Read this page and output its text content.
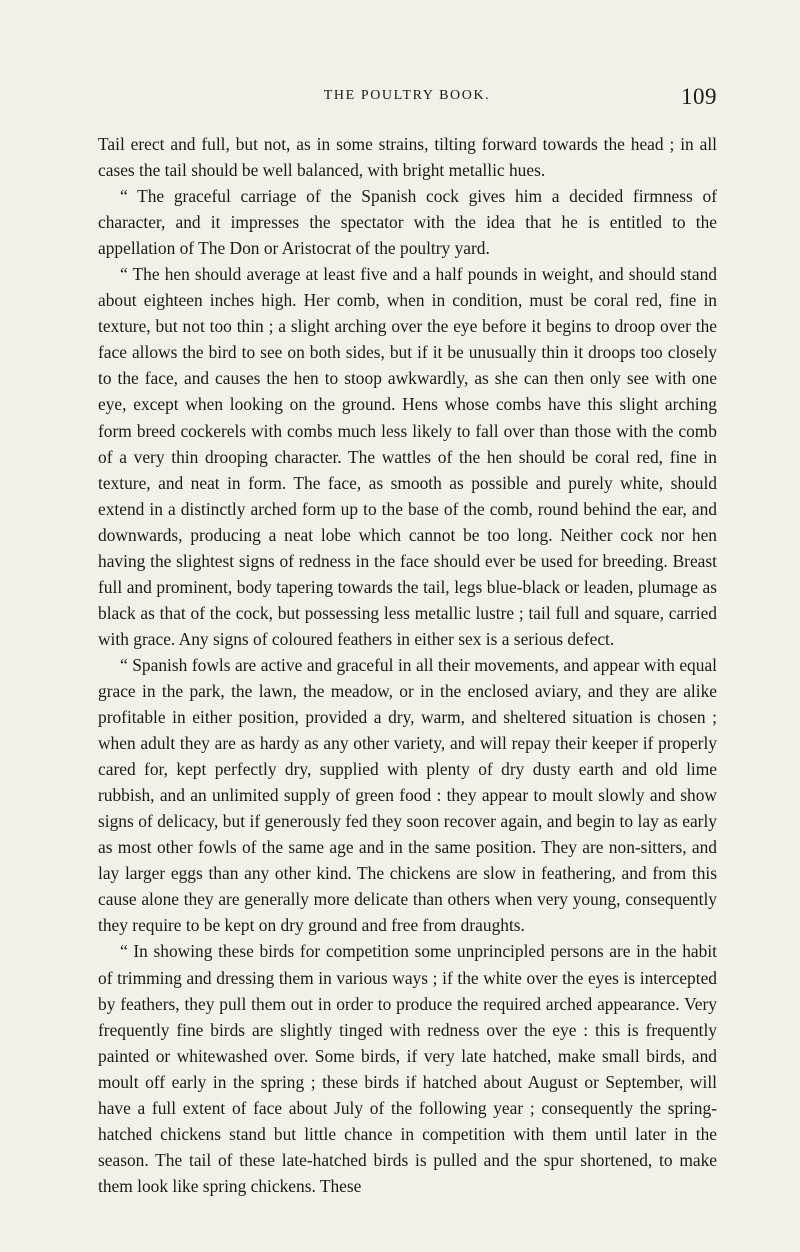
THE POULTRY BOOK.	109

Tail erect and full, but not, as in some strains, tilting forward towards the head ; in all cases the tail should be well balanced, with bright metallic hues.

“ The graceful carriage of the Spanish cock gives him a decided firmness of character, and it impresses the spectator with the idea that he is entitled to the appellation of The Don or Aristocrat of the poultry yard.

“ The hen should average at least five and a half pounds in weight, and should stand about eighteen inches high. Her comb, when in condition, must be coral red, fine in texture, but not too thin ; a slight arching over the eye before it begins to droop over the face allows the bird to see on both sides, but if it be unusually thin it droops too closely to the face, and causes the hen to stoop awkwardly, as she can then only see with one eye, except when looking on the ground. Hens whose combs have this slight arching form breed cockerels with combs much less likely to fall over than those with the comb of a very thin drooping character. The wattles of the hen should be coral red, fine in texture, and neat in form. The face, as smooth as possible and purely white, should extend in a distinctly arched form up to the base of the comb, round behind the ear, and downwards, producing a neat lobe which cannot be too long. Neither cock nor hen having the slightest signs of redness in the face should ever be used for breeding. Breast full and prominent, body tapering towards the tail, legs blue-black or leaden, plumage as black as that of the cock, but possessing less metallic lustre ; tail full and square, carried with grace. Any signs of coloured feathers in either sex is a serious defect.

“ Spanish fowls are active and graceful in all their movements, and appear with equal grace in the park, the lawn, the meadow, or in the enclosed aviary, and they are alike profitable in either position, provided a dry, warm, and sheltered situation is chosen ; when adult they are as hardy as any other variety, and will repay their keeper if properly cared for, kept perfectly dry, supplied with plenty of dry dusty earth and old lime rubbish, and an unlimited supply of green food : they appear to moult slowly and show signs of delicacy, but if generously fed they soon recover again, and begin to lay as early as most other fowls of the same age and in the same position. They are non-sitters, and lay larger eggs than any other kind. The chickens are slow in feathering, and from this cause alone they are generally more delicate than others when very young, consequently they require to be kept on dry ground and free from draughts.

“ In showing these birds for competition some unprincipled persons are in the habit of trimming and dressing them in various ways ; if the white over the eyes is intercepted by feathers, they pull them out in order to produce the required arched appearance. Very frequently fine birds are slightly tinged with redness over the eye : this is frequently painted or whitewashed over. Some birds, if very late hatched, make small birds, and moult off early in the spring ; these birds if hatched about August or September, will have a full extent of face about July of the following year ; consequently the spring-hatched chickens stand but little chance in competition with them until later in the season. The tail of these late-hatched birds is pulled and the spur shortened, to make them look like spring chickens. These
